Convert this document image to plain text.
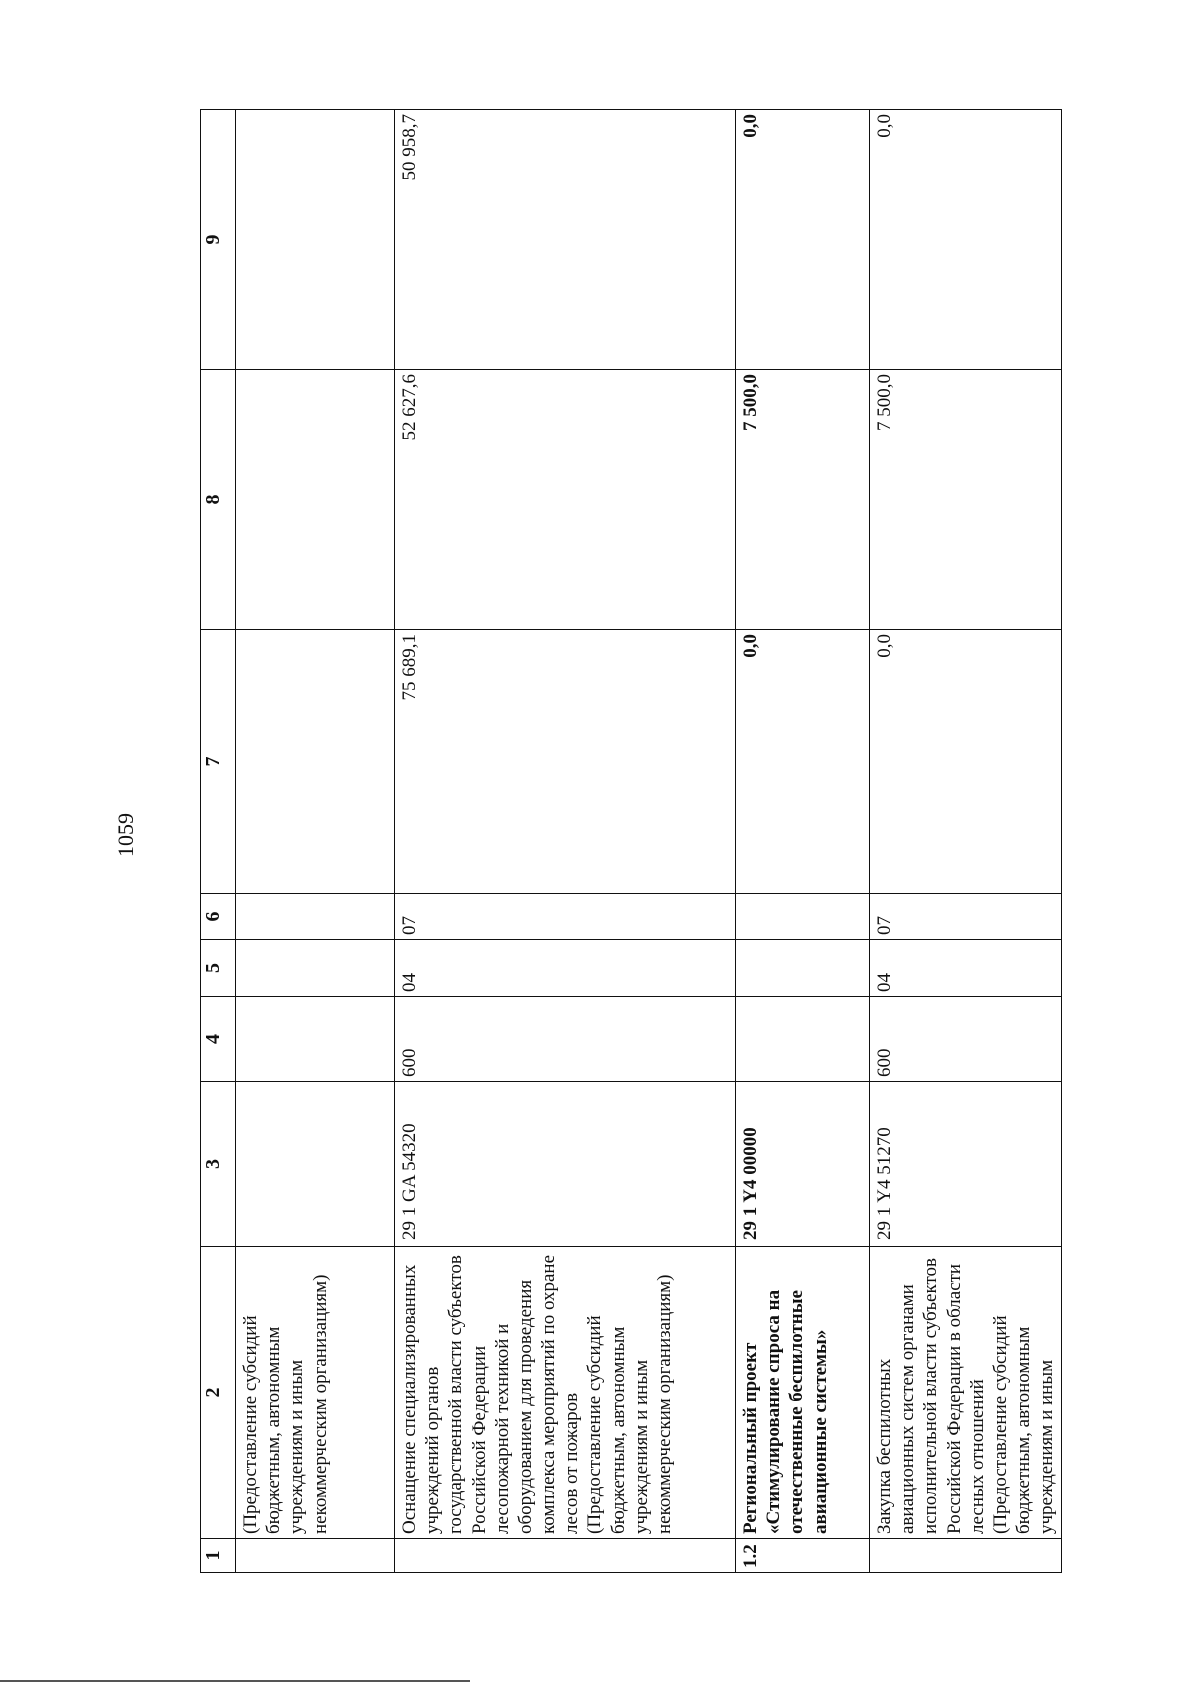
1059
1	2	3	4	5	6	7	8	9
	(Предоставление субсидий бюджетным, автономным учреждениям и иным некоммерческим организациям)							
	Оснащение специализированных учреждений органов государственной власти субъектов Российской Федерации лесопожарной техникой и оборудованием для проведения комплекса мероприятий по охране лесов от пожаров (Предоставление субсидий бюджетным, автономным учреждениям и иным некоммерческим организациям)	29 1 GA 54320	600	04	07	75 689,1	52 627,6	50 958,7
1.2	Региональный проект «Стимулирование спроса на отечественные беспилотные авиационные системы»	29 1 Y4 00000				0,0	7 500,0	0,0
	Закупка беспилотных авиационных систем органами исполнительной власти субъектов Российской Федерации в области лесных отношений (Предоставление субсидий бюджетным, автономным учреждениям и иным	29 1 Y4 51270	600	04	07	0,0	7 500,0	0,0
